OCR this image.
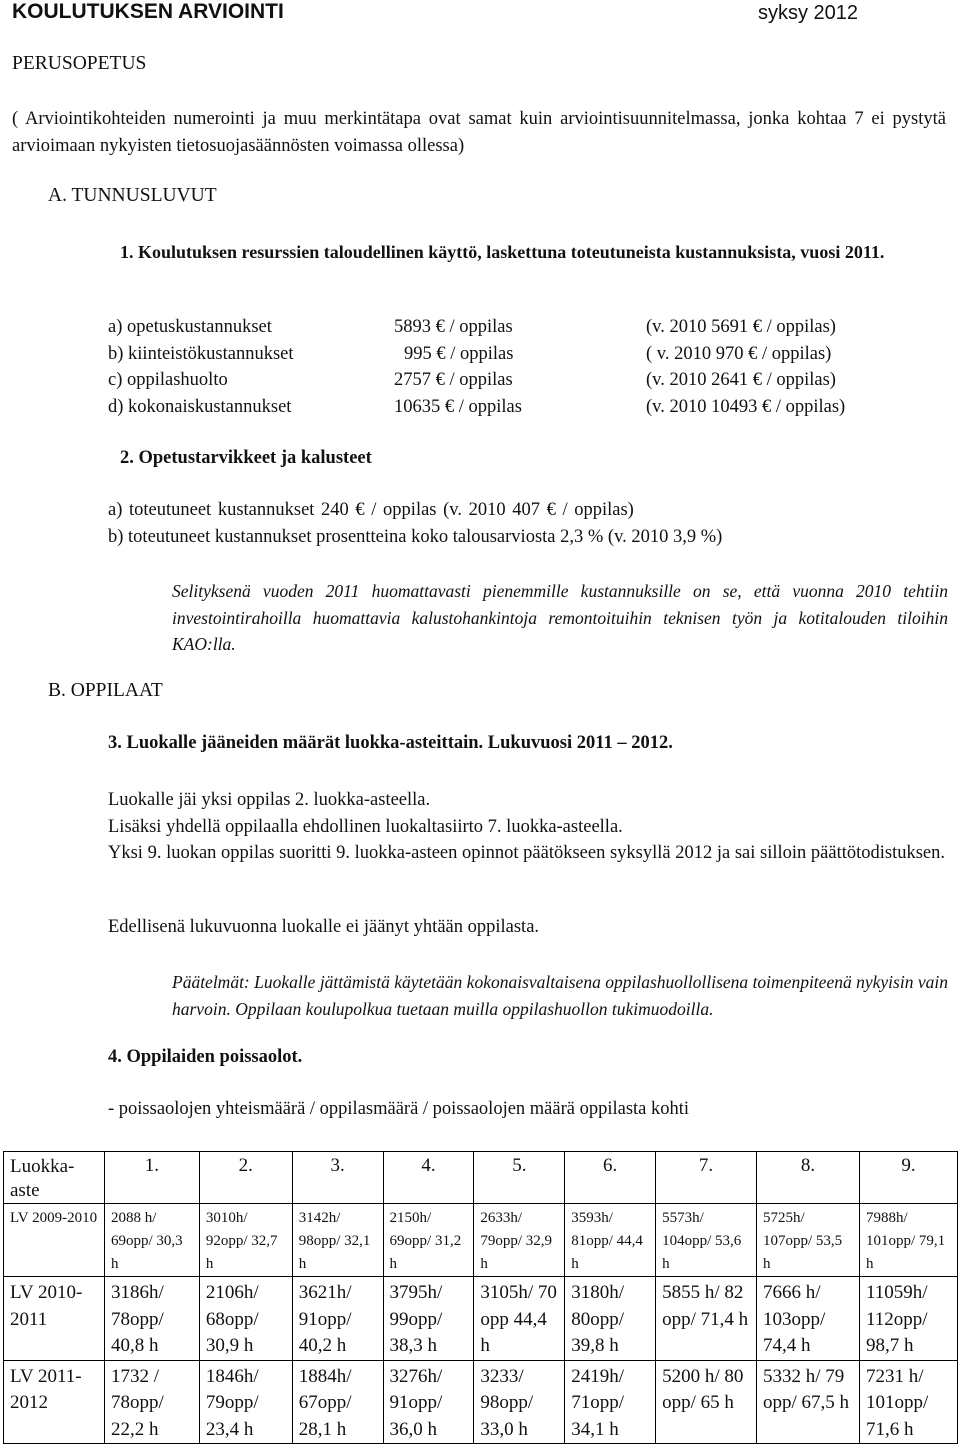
KOULUTUKSEN ARVIOINTI	syksy 2012
PERUSOPETUS
( Arviointikohteiden numerointi ja muu merkintätapa ovat samat kuin arviointisuunnitelmassa, jonka kohtaa 7 ei pystytä arvioimaan nykyisten tietosuojasäännösten voimassa ollessa)
A. TUNNUSLUVUT
1. Koulutuksen resurssien taloudellinen käyttö, laskettuna toteutuneista kustannuksista, vuosi 2011.
a) opetuskustannukset	5893 € / oppilas	(v. 2010 5691 € / oppilas)
b) kiinteistökustannukset	995 € / oppilas	( v. 2010 970 € / oppilas)
c) oppilashuolto	2757 € / oppilas	(v. 2010 2641 € / oppilas)
d) kokonaiskustannukset	10635 € / oppilas	(v. 2010 10493 € / oppilas)
2. Opetustarvikkeet ja kalusteet
a) toteutuneet kustannukset 240 € / oppilas (v. 2010 407 € / oppilas)
b) toteutuneet kustannukset prosentteina koko talousarviosta 2,3 % (v. 2010 3,9 %)
Selityksenä vuoden 2011 huomattavasti pienemmille kustannuksille on se, että vuonna 2010 tehtiin investointirahoilla huomattavia kalustohankintoja remontoituihin teknisen työn ja kotitalouden tiloihin KAO:lla.
B. OPPILAAT
3. Luokalle jääneiden määrät luokka-asteittain. Lukuvuosi 2011 – 2012.
Luokalle jäi yksi oppilas 2. luokka-asteella.
Lisäksi yhdellä oppilaalla ehdollinen luokaltasiirto 7. luokka-asteella.
Yksi 9. luokan oppilas suoritti 9. luokka-asteen opinnot päätökseen syksyllä 2012 ja sai silloin päättötodistuksen.
Edellisenä lukuvuonna luokalle ei jäänyt yhtään oppilasta.
Päätelmät: Luokalle jättämistä käytetään kokonaisvaltaisena oppilashuollollisena toimenpiteenä nykyisin vain harvoin. Oppilaan koulupolkua tuetaan muilla oppilashuollon tukimuodoilla.
4. Oppilaiden poissaolot.
- poissaolojen yhteismäärä / oppilasmäärä / poissaolojen määrä oppilasta kohti
Luokka-aste	1.	2.	3.	4.	5.	6.	7.	8.	9.
LV 2009-2010	2088 h/ 69opp/ 30,3 h	3010h/ 92opp/ 32,7 h	3142h/ 98opp/ 32,1 h	2150h/ 69opp/ 31,2 h	2633h/ 79opp/ 32,9 h	3593h/ 81opp/ 44,4 h	5573h/ 104opp/ 53,6 h	5725h/ 107opp/ 53,5 h	7988h/ 101opp/ 79,1 h
LV 2010-2011	3186h/ 78opp/ 40,8 h	2106h/ 68opp/ 30,9 h	3621h/ 91opp/ 40,2 h	3795h/ 99opp/ 38,3 h	3105h/ 70 opp 44,4 h	3180h/ 80opp/ 39,8 h	5855 h/ 82 opp/ 71,4 h	7666 h/ 103opp/ 74,4 h	11059h/ 112opp/ 98,7 h
LV 2011-2012	1732 / 78opp/ 22,2 h	1846h/ 79opp/ 23,4 h	1884h/ 67opp/ 28,1 h	3276h/ 91opp/ 36,0 h	3233/ 98opp/ 33,0 h	2419h/ 71opp/ 34,1 h	5200 h/ 80 opp/ 65 h	5332 h/ 79 opp/ 67,5 h	7231 h/ 101opp/ 71,6 h
